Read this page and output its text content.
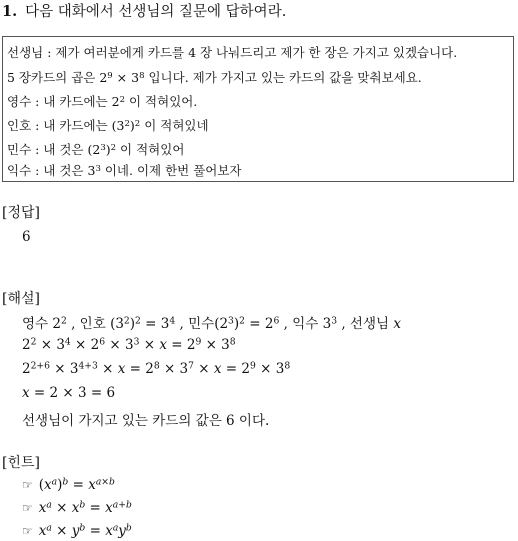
1. 다음 대화에서 선생님의 질문에 답하여라.
선생님 : 제가 여러분에게 카드를 4 장 나눠드리고 제가 한 장은 가지고 있겠습니다.
5 장카드의 곱은 $2^9 \times 3^8$ 입니다. 제가 가지고 있는 카드의 값을 맞춰보세요.
영수 : 내 카드에는 $2^2$ 이 적혀있어.
인호 : 내 카드에는 $(3^2)^2$ 이 적혀있네
민수 : 내 것은 $(2^3)^2$ 이 적혀있어
익수 : 내 것은 $3^3$ 이네. 이제 한번 풀어보자
[정답]
6
[해설]
영수 $2^2$ , 인호 $(3^2)^2 = 3^4$ , 민수$(2^3)^2 = 2^6$ , 익수 $3^3$ , 선생님 x
$2^2 \times 3^4 \times 2^6 \times 3^3 \times x = 2^9 \times 3^8$
$2^{2+6} \times 3^{4+3} \times x = 2^8 \times 3^7 \times x = 2^9 \times 3^8$
x = 2 × 3 = 6
선생님이 가지고 있는 카드의 값은 6 이다.
[힌트]
☞ $(x^a)^b = x^{a\times b}$
☞ $x^a \times x^b = x^{a+b}$
☞ $x^a \times y^b = x^ay^b$
